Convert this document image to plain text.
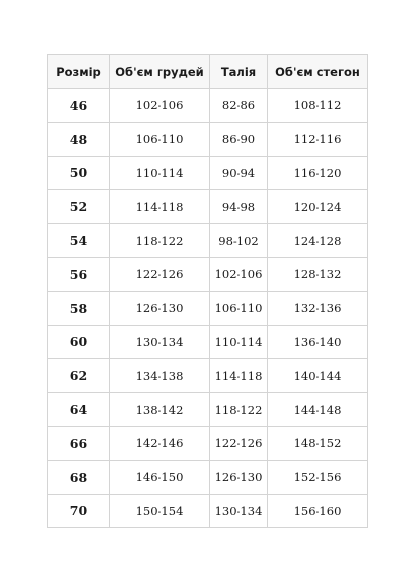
Розмір	Об'єм грудей	Талія	Об'єм стегон
46	102-106	82-86	108-112
48	106-110	86-90	112-116
50	110-114	90-94	116-120
52	114-118	94-98	120-124
54	118-122	98-102	124-128
56	122-126	102-106	128-132
58	126-130	106-110	132-136
60	130-134	110-114	136-140
62	134-138	114-118	140-144
64	138-142	118-122	144-148
66	142-146	122-126	148-152
68	146-150	126-130	152-156
70	150-154	130-134	156-160
